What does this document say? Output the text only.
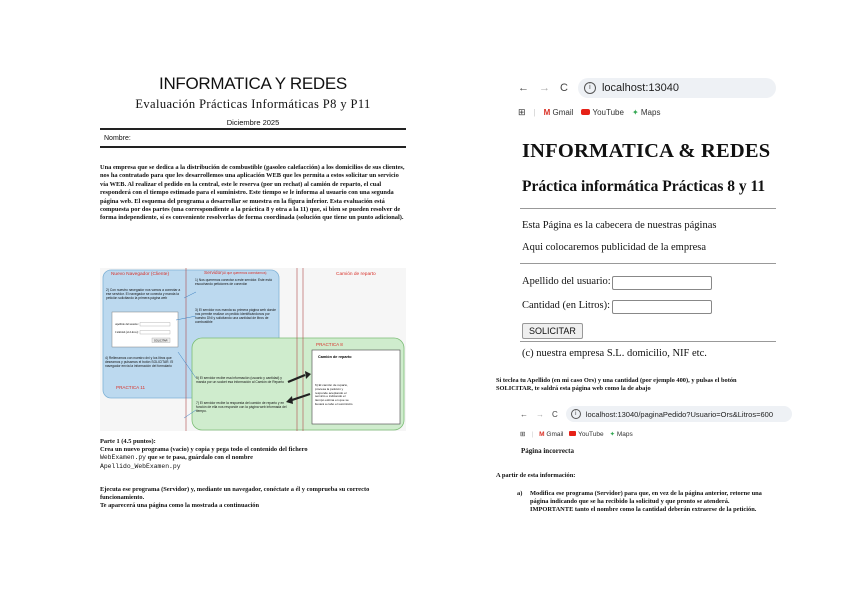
INFORMATICA Y REDES
Evaluación Prácticas Informáticas P8 y P11
Diciembre 2025
Nombre:
Una empresa que se dedica a la distribución de combustible (gasoleo calefacción) a los domicilios de sus clientes, nos ha contratado para que les desarrollemos una aplicación WEB que les permita a estos solicitar un servicio vía WEB. Al realizar el pedido en la central, este le reserva (por un rechat) al camión de reparto, el cual responderá con el tiempo estimado para el suministro. Este tiempo se le informa al usuario con una segunda página web. El esquema del programa a desarrollar se muestra en la figura inferior. Esta evaluación está compuesta por dos partes (una correspondiente a la práctica 8 y otra a la 11) que, si bien se pueden resolver de forma independiente, sí es conveniente resolverlas de forma coordinada (solución que tiene un punto adicional).
Nuevo Navegador (Cliente)	Servidor (Al que queremos conectarnos)	Camión de reparto
1) Nos queremos conectar a este servidor. Este está escuchando peticiones de conexión
2) Con nuestro navegador nos vamos a conectar a ese servidor. El navegador se conecta y manda la petición solicitando la primera página web
3) El servidor nos manda su primera página web donde nos permite realizar un pedido identificándonos por nuestro DNI y solicitando una cantidad de litros de combustible
Apellido del usuario:
Cantidad (en Litros):
SOLICITAR
4) Rellenamos con nuestro dni y los litros que deseamos y pulsamos el botón SOLICITAR. El navegador envía la información del formulario
PRACTICA 11
PRACTICA 8
5) El servidor recibe esa información (usuario y cantidad) y manda por un socket esa información al Camión de Reparto
7) El servidor recibe la respuesta del camión de reparto y en función de ella nos responde con la página web informada del tiempo.
Camión de reparto
6) El camión de reparto, procesa la petición y responde aceptando el servicio e indicando el tiempo estima en que se llevará a cabo el suministro
Parte 1 (4.5 puntos):
Crea un nuevo programa (vacio) y copia y pega todo el contenido del fichero
WebExamen.py que se te pasa, guárdalo con el nombre
Apellido_WebExamen.py
Ejecuta ese programa (Servidor) y, mediante un navegador, conéctate a él y comprueba su correcto funcionamiento.
Te aparecerá una página como la mostrada a continuación
← → C	i	localhost:13040
⊞ | M Gmail	YouTube ✦ Maps
INFORMATICA & REDES
Práctica informática Prácticas 8 y 11
Esta Página es la cabecera de nuestras páginas
Aqui colocaremos publicidad de la empresa
Apellido del usuario:
Cantidad (en Litros):
SOLICITAR
(c) nuestra empresa S.L. domicilio, NIF etc.
Si teclea tu Apellido (en mi caso Ors) y una cantidad (por ejemplo 400), y pulsas el botón SOLICITAR, te saldrá esta página web como la de abajo
← → C	i	localhost:13040/paginaPedido?Usuario=Ors&Litros=600
⊞ | M Gmail	YouTube ✦ Maps
Página incorrecta
A partir de esta información:
a) Modifica ese programa (Servidor) para que, en vez de la página anterior, retorne una página indicando que se ha recibido la solicitud y que pronto se atenderá. IMPORTANTE tanto el nombre como la cantidad deberán extraerse de la petición.
